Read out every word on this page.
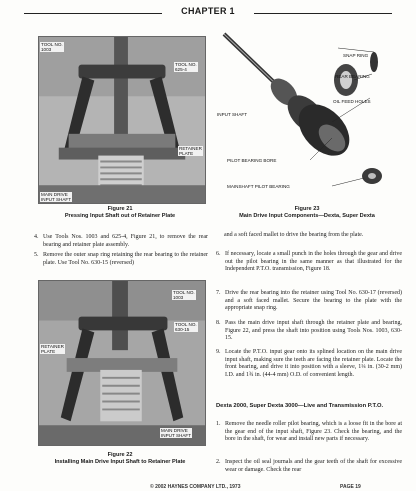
CHAPTER 1
TOOL NO.
1003
TOOL NO.
625-4
RETAINER
PLATE
MAIN DRIVE
INPUT SHAFT
Figure 21
Pressing Input Shaft out of Retainer Plate
SNAP RING
REAR BEARING
OIL FEED HOLES
INPUT SHAFT
PILOT BEARING BORE
MAINSHAFT PILOT BEARING
Figure 23
Main Drive Input Components—Dexta, Super Dexta
4. Use Tools Nos. 1003 and 625-4, Figure 21, to remove the rear bearing and retainer plate assembly.
5. Remove the outer snap ring retaining the rear bearing to the retainer plate. Use Tool No. 630-15 (reversed)
TOOL NO.
1003
TOOL NO.
630-15
RETAINER
PLATE
MAIN DRIVE
INPUT SHAFT
Figure 22
Installing Main Drive Input Shaft to Retainer Plate
and a soft faced mallet to drive the bearing from the plate.
6. If necessary, locate a small punch in the holes through the gear and drive out the pilot bearing in the same manner as that illustrated for the Independent P.T.O. transmission, Figure 18.
7. Drive the rear bearing into the retainer using Tool No. 630-17 (reversed) and a soft faced mallet. Secure the bearing to the plate with the appropriate snap ring.
8. Pass the main drive input shaft through the retainer plate and bearing, Figure 22, and press the shaft into position using Tools Nos. 1003, 630-15.
9. Locate the P.T.O. input gear onto its splined location on the main drive input shaft, making sure the teeth are facing the retainer plate. Locate the front bearing, and drive it into position with a sleeve, 1¼ in. (30-2 mm) I.D. and 1¾ in. (44-4 mm) O.D. of convenient length.
Dexta 2000, Super Dexta 3000—Live and Transmission P.T.O.
1. Remove the needle roller pilot bearing, which is a loose fit in the bore at the gear end of the input shaft, Figure 23. Check the bearing, and the bore in the shaft, for wear and install new parts if necessary.
2. Inspect the oil seal journals and the gear teeth of the shaft for excessive wear or damage. Check the rear
© 2002 HAYNES COMPANY LTD., 1973	PAGE 19
